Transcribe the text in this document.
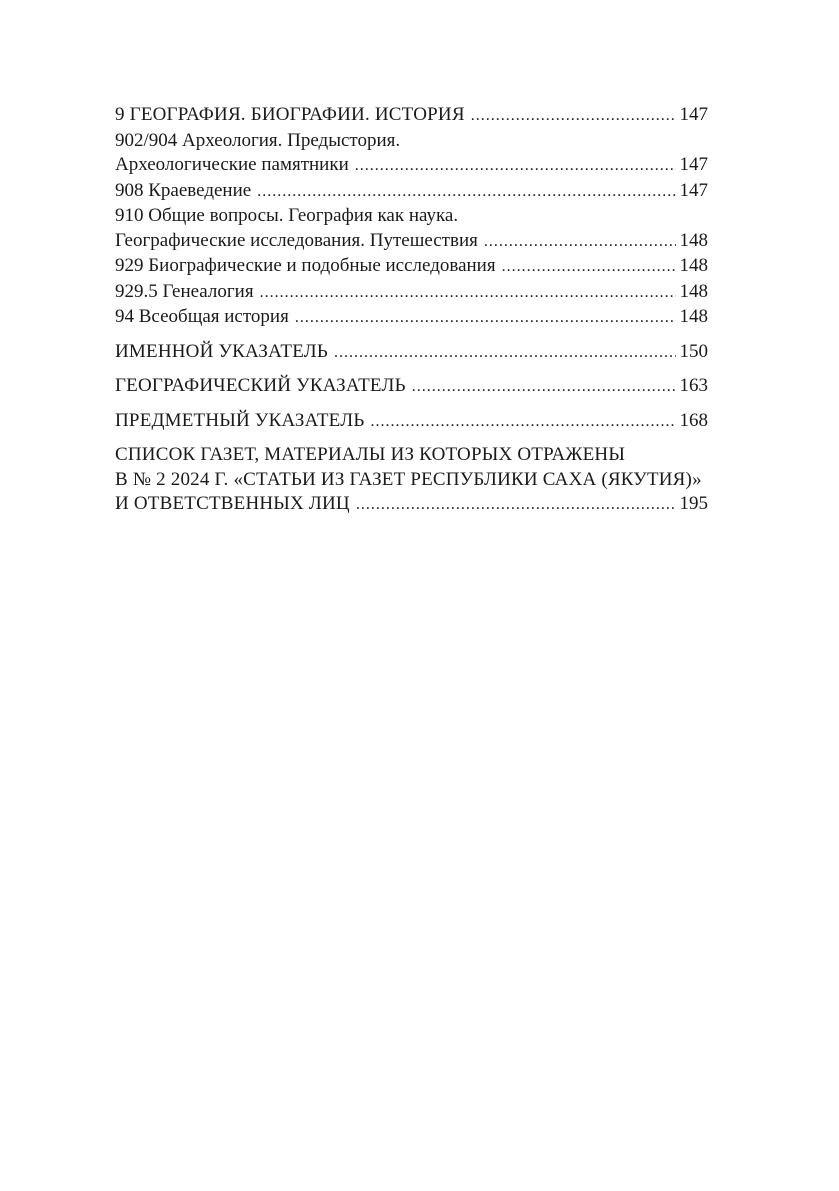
9 ГЕОГРАФИЯ. БИОГРАФИИ. ИСТОРИЯ .....	147
902/904 Археология. Предыстория.
Археологические памятники .....	147
908 Краеведение .....	147
910 Общие вопросы. География как наука.
Географические исследования. Путешествия .....	148
929 Биографические и подобные исследования .....	148
929.5 Генеалогия .....	148
94 Всеобщая история .....	148
ИМЕННОЙ УКАЗАТЕЛЬ .....	150
ГЕОГРАФИЧЕСКИЙ УКАЗАТЕЛЬ .....	163
ПРЕДМЕТНЫЙ УКАЗАТЕЛЬ .....	168
СПИСОК ГАЗЕТ, МАТЕРИАЛЫ ИЗ КОТОРЫХ ОТРАЖЕНЫ
В № 2 2024 Г. «СТАТЬИ ИЗ ГАЗЕТ РЕСПУБЛИКИ САХА (ЯКУТИЯ)»
И ОТВЕТСТВЕННЫХ ЛИЦ .....	195
